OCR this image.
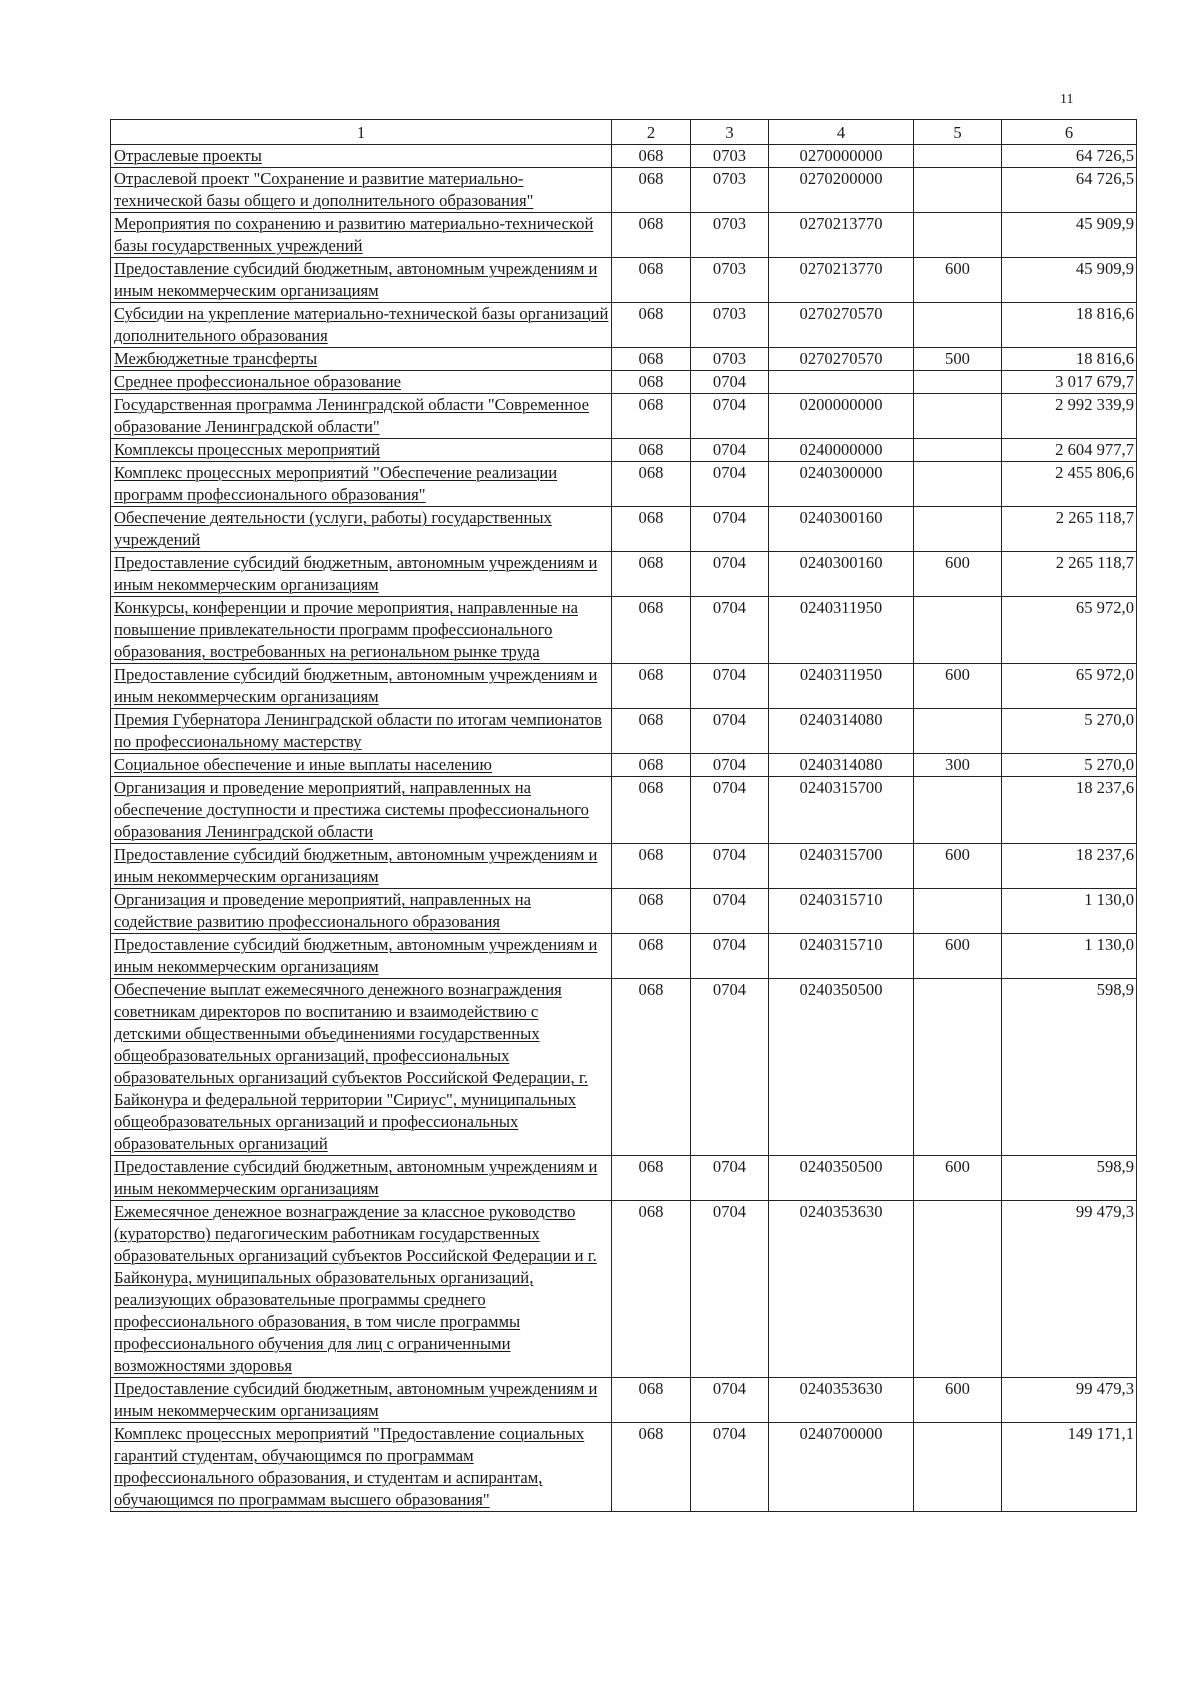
11
1	2	3	4	5	6
Отраслевые проекты	068	0703	0270000000		64 726,5
Отраслевой проект "Сохранение и развитие материально-технической базы общего и дополнительного образования"	068	0703	0270200000		64 726,5
Мероприятия по сохранению и развитию материально-технической базы государственных учреждений	068	0703	0270213770		45 909,9
Предоставление субсидий бюджетным, автономным учреждениям и иным некоммерческим организациям	068	0703	0270213770	600	45 909,9
Субсидии на укрепление материально-технической базы организаций дополнительного образования	068	0703	0270270570		18 816,6
Межбюджетные трансферты	068	0703	0270270570	500	18 816,6
Среднее профессиональное образование	068	0704			3 017 679,7
Государственная программа Ленинградской области "Современное образование Ленинградской области"	068	0704	0200000000		2 992 339,9
Комплексы процессных мероприятий	068	0704	0240000000		2 604 977,7
Комплекс процессных мероприятий "Обеспечение реализации программ профессионального образования"	068	0704	0240300000		2 455 806,6
Обеспечение деятельности (услуги, работы) государственных учреждений	068	0704	0240300160		2 265 118,7
Предоставление субсидий бюджетным, автономным учреждениям и иным некоммерческим организациям	068	0704	0240300160	600	2 265 118,7
Конкурсы, конференции и прочие мероприятия, направленные на повышение привлекательности программ профессионального образования, востребованных на региональном рынке труда	068	0704	0240311950		65 972,0
Предоставление субсидий бюджетным, автономным учреждениям и иным некоммерческим организациям	068	0704	0240311950	600	65 972,0
Премия Губернатора Ленинградской области по итогам чемпионатов по профессиональному мастерству	068	0704	0240314080		5 270,0
Социальное обеспечение и иные выплаты населению	068	0704	0240314080	300	5 270,0
Организация и проведение мероприятий, направленных на обеспечение доступности и престижа системы профессионального образования Ленинградской области	068	0704	0240315700		18 237,6
Предоставление субсидий бюджетным, автономным учреждениям и иным некоммерческим организациям	068	0704	0240315700	600	18 237,6
Организация и проведение мероприятий, направленных на содействие развитию профессионального образования	068	0704	0240315710		1 130,0
Предоставление субсидий бюджетным, автономным учреждениям и иным некоммерческим организациям	068	0704	0240315710	600	1 130,0
Обеспечение выплат ежемесячного денежного вознаграждения советникам директоров по воспитанию и взаимодействию с детскими общественными объединениями государственных общеобразовательных организаций, профессиональных образовательных организаций субъектов Российской Федерации, г. Байконура и федеральной территории "Сириус", муниципальных общеобразовательных организаций и профессиональных образовательных организаций	068	0704	0240350500		598,9
Предоставление субсидий бюджетным, автономным учреждениям и иным некоммерческим организациям	068	0704	0240350500	600	598,9
Ежемесячное денежное вознаграждение за классное руководство (кураторство) педагогическим работникам государственных образовательных организаций субъектов Российской Федерации и г. Байконура, муниципальных образовательных организаций, реализующих образовательные программы среднего профессионального образования, в том числе программы профессионального обучения для лиц с ограниченными возможностями здоровья	068	0704	0240353630		99 479,3
Предоставление субсидий бюджетным, автономным учреждениям и иным некоммерческим организациям	068	0704	0240353630	600	99 479,3
Комплекс процессных мероприятий "Предоставление социальных гарантий студентам, обучающимся по программам профессионального образования, и студентам и аспирантам, обучающимся по программам высшего образования"	068	0704	0240700000		149 171,1
